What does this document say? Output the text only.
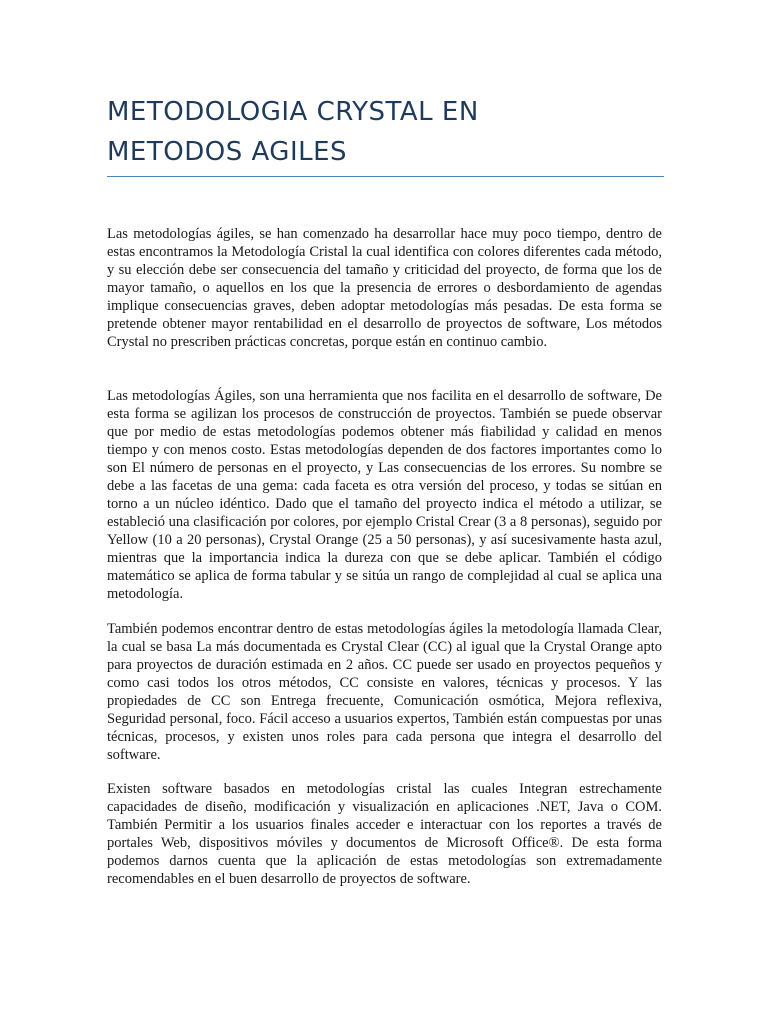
METODOLOGIA CRYSTAL EN
METODOS AGILES

Las metodologías ágiles, se han comenzado ha desarrollar hace muy poco tiempo, dentro de estas encontramos la Metodología Cristal la cual identifica con colores diferentes cada método, y su elección debe ser consecuencia del tamaño y criticidad del proyecto, de forma que los de mayor tamaño, o aquellos en los que la presencia de errores o desbordamiento de agendas implique consecuencias graves, deben adoptar metodologías más pesadas. De esta forma se pretende obtener mayor rentabilidad en el desarrollo de proyectos de software, Los métodos Crystal no prescriben prácticas concretas, porque están en continuo cambio.

Las metodologías Ágiles, son una herramienta que nos facilita en el desarrollo de software, De esta forma se agilizan los procesos de construcción de proyectos. También se puede observar que por medio de estas metodologías podemos obtener más fiabilidad y calidad en menos tiempo y con menos costo. Estas metodologías dependen de dos factores importantes como lo son El número de personas en el proyecto, y Las consecuencias de los errores. Su nombre se debe a las facetas de una gema: cada faceta es otra versión del proceso, y todas se sitúan en torno a un núcleo idéntico. Dado que el tamaño del proyecto indica el método a utilizar, se estableció una clasificación por colores, por ejemplo Cristal Crear (3 a 8 personas), seguido por Yellow (10 a 20 personas), Crystal Orange (25 a 50 personas), y así sucesivamente hasta azul, mientras que la importancia indica la dureza con que se debe aplicar. También el código matemático se aplica de forma tabular y se sitúa un rango de complejidad al cual se aplica una metodología.

También podemos encontrar dentro de estas metodologías ágiles la metodología llamada Clear, la cual se basa La más documentada es Crystal Clear (CC) al igual que la Crystal Orange apto para proyectos de duración estimada en 2 años. CC puede ser usado en proyectos pequeños y como casi todos los otros métodos, CC consiste en valores, técnicas y procesos. Y las propiedades de CC son Entrega frecuente, Comunicación osmótica, Mejora reflexiva, Seguridad personal, foco. Fácil acceso a usuarios expertos, También están compuestas por unas técnicas, procesos, y existen unos roles para cada persona que integra el desarrollo del software.

Existen software basados en metodologías cristal las cuales Integran estrechamente capacidades de diseño, modificación y visualización en aplicaciones .NET, Java o COM. También Permitir a los usuarios finales acceder e interactuar con los reportes a través de portales Web, dispositivos móviles y documentos de Microsoft Office®. De esta forma podemos darnos cuenta que la aplicación de estas metodologías son extremadamente recomendables en el buen desarrollo de proyectos de software.
